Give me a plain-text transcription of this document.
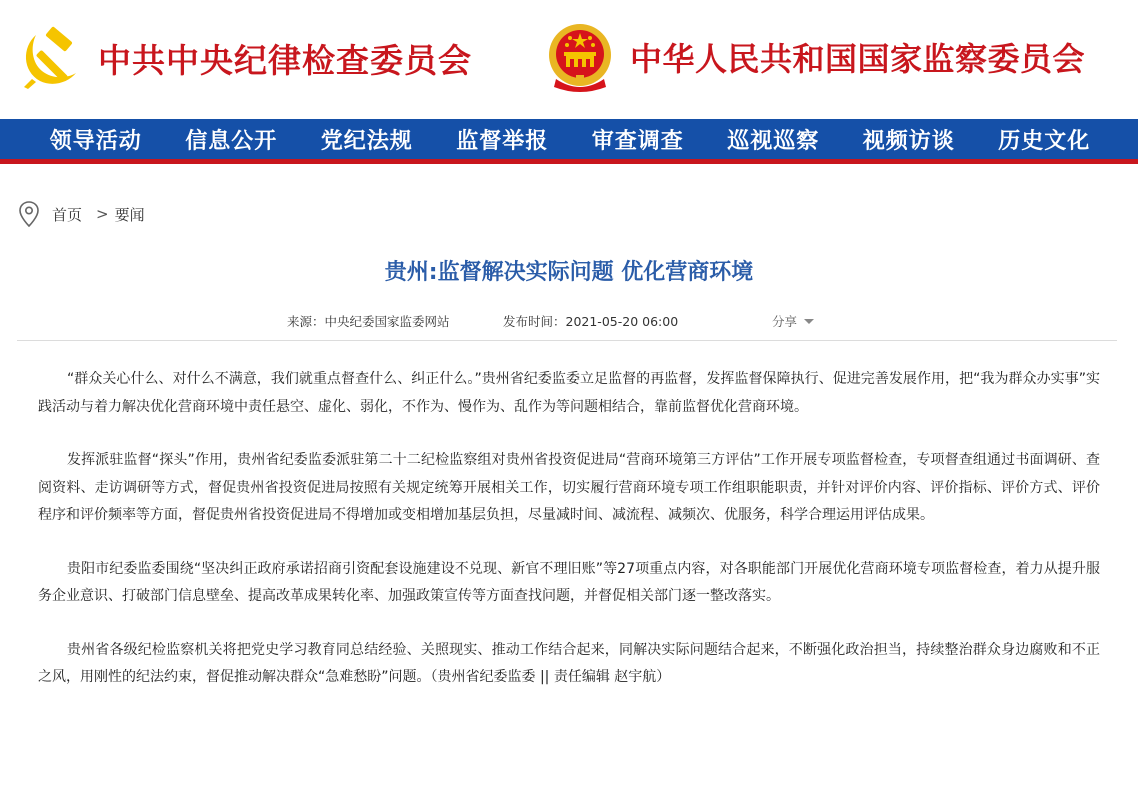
中共中央纪律检查委员会	中华人民共和国国家监察委员会
领导活动	信息公开	党纪法规	监督举报	审查调查	巡视巡察	视频访谈	历史文化
首页 > 要闻
贵州:监督解决实际问题 优化营商环境
来源：中央纪委国家监委网站	发布时间：2021-05-20 06:00	分享

“群众关心什么、对什么不满意，我们就重点督查什么、纠正什么。”贵州省纪委监委立足监督的再监督，发挥监督保障执行、促进完善发展作用，把“我为群众办实事”实践活动与着力解决优化营商环境中责任悬空、虚化、弱化，不作为、慢作为、乱作为等问题相结合，靠前监督优化营商环境。

发挥派驻监督“探头”作用，贵州省纪委监委派驻第二十二纪检监察组对贵州省投资促进局“营商环境第三方评估”工作开展专项监督检查，专项督查组通过书面调研、查阅资料、走访调研等方式，督促贵州省投资促进局按照有关规定统筹开展相关工作，切实履行营商环境专项工作组职能职责，并针对评价内容、评价指标、评价方式、评价程序和评价频率等方面，督促贵州省投资促进局不得增加或变相增加基层负担，尽量减时间、减流程、减频次、优服务，科学合理运用评估成果。

贵阳市纪委监委围绕“坚决纠正政府承诺招商引资配套设施建设不兑现、新官不理旧账”等27项重点内容，对各职能部门开展优化营商环境专项监督检查，着力从提升服务企业意识、打破部门信息壁垒、提高改革成果转化率、加强政策宣传等方面查找问题，并督促相关部门逐一整改落实。

贵州省各级纪检监察机关将把党史学习教育同总结经验、关照现实、推动工作结合起来，同解决实际问题结合起来，不断强化政治担当，持续整治群众身边腐败和不正之风，用刚性的纪法约束，督促推动解决群众“急难愁盼”问题。（贵州省纪委监委 || 责任编辑 赵宇航）
